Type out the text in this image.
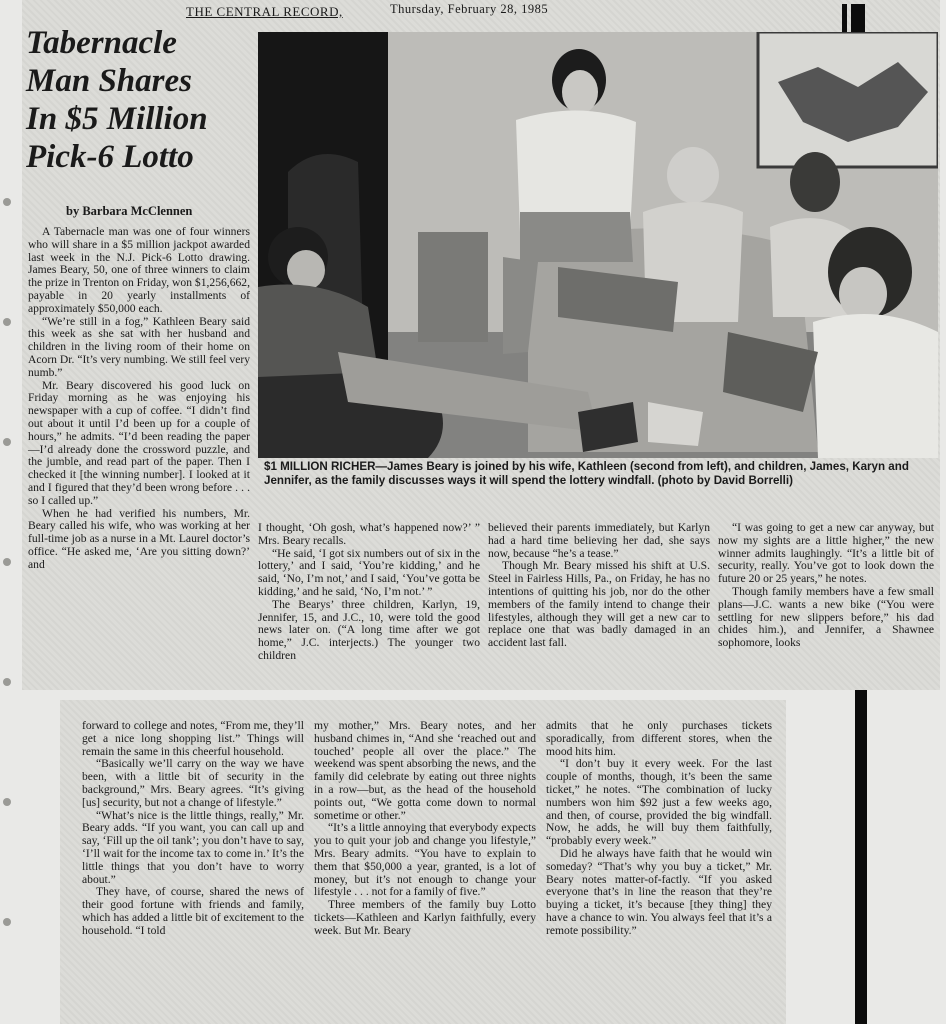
THE CENTRAL RECORD,	Thursday, February 28, 1985
Tabernacle
Man Shares
In $5 Million
Pick-6 Lotto
by Barbara McClennen

A Tabernacle man was one of four winners who will share in a $5 million jackpot awarded last week in the N.J. Pick-6 Lotto drawing. James Beary, 50, one of three winners to claim the prize in Trenton on Friday, won $1,256,662, payable in 20 yearly installments of approximately $50,000 each.

“We’re still in a fog,” Kathleen Beary said this week as she sat with her husband and children in the living room of their home on Acorn Dr. “It’s very numbing. We still feel very numb.”

Mr. Beary discovered his good luck on Friday morning as he was enjoying his newspaper with a cup of coffee. “I didn’t find out about it until I’d been up for a couple of hours,” he admits. “I’d been reading the paper—I’d already done the crossword puzzle, and the jumble, and read part of the paper. Then I checked it [the winning number]. I looked at it and I figured that they’d been wrong before . . . so I called up.”

When he had verified his numbers, Mr. Beary called his wife, who was working at her full-time job as a nurse in a Mt. Laurel doctor’s office. “He asked me, ‘Are you sitting down?’ and

$1 MILLION RICHER—James Beary is joined by his wife, Kathleen (second from left), and children, James, Karyn and Jennifer, as the family discusses ways it will spend the lottery windfall. (photo by David Borrelli)

I thought, ‘Oh gosh, what’s happened now?’ ” Mrs. Beary recalls.

“He said, ‘I got six numbers out of six in the lottery,’ and I said, ‘You’re kidding,’ and he said, ‘No, I’m not,’ and I said, ‘You’ve gotta be kidding,’ and he said, ‘No, I’m not.’ ”

The Bearys’ three children, Karlyn, 19, Jennifer, 15, and J.C., 10, were told the good news later on. (“A long time after we got home,” J.C. interjects.) The younger two children

believed their parents immediately, but Karlyn had a hard time believing her dad, she says now, because “he’s a tease.”

Though Mr. Beary missed his shift at U.S. Steel in Fairless Hills, Pa., on Friday, he has no intentions of quitting his job, nor do the other members of the family intend to change their lifestyles, although they will get a new car to replace one that was badly damaged in an accident last fall.

“I was going to get a new car anyway, but now my sights are a little higher,” the new winner admits laughingly. “It’s a little bit of security, really. You’ve got to look down the future 20 or 25 years,” he notes.

Though family members have a few small plans—J.C. wants a new bike (“You were settling for new slippers before,” his dad chides him.), and Jennifer, a Shawnee sophomore, looks

forward to college and notes, “From me, they’ll get a nice long shopping list.” Things will remain the same in this cheerful household.

“Basically we’ll carry on the way we have been, with a little bit of security in the background,” Mrs. Beary agrees. “It’s giving [us] security, but not a change of lifestyle.”

“What’s nice is the little things, really,” Mr. Beary adds. “If you want, you can call up and say, ‘Fill up the oil tank’; you don’t have to say, ‘I’ll wait for the income tax to come in.’ It’s the little things that you don’t have to worry about.”

They have, of course, shared the news of their good fortune with friends and family, which has added a little bit of excitement to the household. “I told

my mother,” Mrs. Beary notes, and her husband chimes in, “And she ‘reached out and touched’ people all over the place.” The weekend was spent absorbing the news, and the family did celebrate by eating out three nights in a row—but, as the head of the household points out, “We gotta come down to normal sometime or other.”

“It’s a little annoying that everybody expects you to quit your job and change you lifestyle,” Mrs. Beary admits. “You have to explain to them that $50,000 a year, granted, is a lot of money, but it’s not enough to change your lifestyle . . . not for a family of five.”

Three members of the family buy Lotto tickets—Kathleen and Karlyn faithfully, every week. But Mr. Beary

admits that he only purchases tickets sporadically, from different stores, when the mood hits him.

“I don’t buy it every week. For the last couple of months, though, it’s been the same ticket,” he notes. “The combination of lucky numbers won him $92 just a few weeks ago, and then, of course, provided the big windfall. Now, he adds, he will buy them faithfully, “probably every week.”

Did he always have faith that he would win someday? “That’s why you buy a ticket,” Mr. Beary notes matter-of-factly. “If you asked everyone that’s in line the reason that they’re buying a ticket, it’s because [they thing] they have a chance to win. You always feel that it’s a remote possibility.”
